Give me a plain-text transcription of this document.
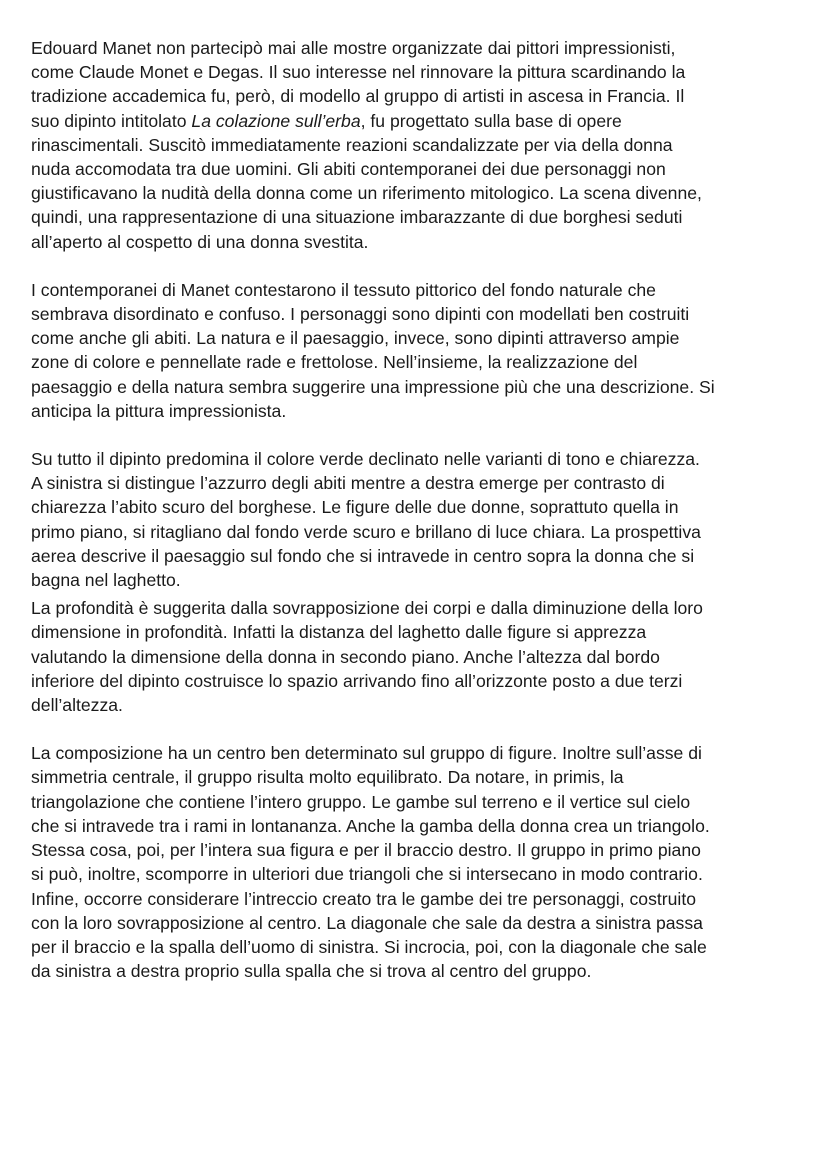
Edouard Manet non partecipò mai alle mostre organizzate dai pittori impressionisti,
come Claude Monet e Degas. Il suo interesse nel rinnovare la pittura scardinando la
tradizione accademica fu, però, di modello al gruppo di artisti in ascesa in Francia. Il
suo dipinto intitolato La colazione sull’erba, fu progettato sulla base di opere
rinascimentali. Suscitò immediatamente reazioni scandalizzate per via della donna
nuda accomodata tra due uomini. Gli abiti contemporanei dei due personaggi non
giustificavano la nudità della donna come un riferimento mitologico. La scena divenne,
quindi, una rappresentazione di una situazione imbarazzante di due borghesi seduti
all’aperto al cospetto di una donna svestita.

I contemporanei di Manet contestarono il tessuto pittorico del fondo naturale che
sembrava disordinato e confuso. I personaggi sono dipinti con modellati ben costruiti
come anche gli abiti. La natura e il paesaggio, invece, sono dipinti attraverso ampie
zone di colore e pennellate rade e frettolose. Nell’insieme, la realizzazione del
paesaggio e della natura sembra suggerire una impressione più che una descrizione. Si
anticipa la pittura impressionista.

Su tutto il dipinto predomina il colore verde declinato nelle varianti di tono e chiarezza.
A sinistra si distingue l’azzurro degli abiti mentre a destra emerge per contrasto di
chiarezza l’abito scuro del borghese. Le figure delle due donne, soprattuto quella in
primo piano, si ritagliano dal fondo verde scuro e brillano di luce chiara. La prospettiva
aerea descrive il paesaggio sul fondo che si intravede in centro sopra la donna che si
bagna nel laghetto.

La profondità è suggerita dalla sovrapposizione dei corpi e dalla diminuzione della loro
dimensione in profondità. Infatti la distanza del laghetto dalle figure si apprezza
valutando la dimensione della donna in secondo piano. Anche l’altezza dal bordo
inferiore del dipinto costruisce lo spazio arrivando fino all’orizzonte posto a due terzi
dell’altezza.

La composizione ha un centro ben determinato sul gruppo di figure. Inoltre sull’asse di
simmetria centrale, il gruppo risulta molto equilibrato. Da notare, in primis, la
triangolazione che contiene l’intero gruppo. Le gambe sul terreno e il vertice sul cielo
che si intravede tra i rami in lontananza. Anche la gamba della donna crea un triangolo.
Stessa cosa, poi, per l’intera sua figura e per il braccio destro. Il gruppo in primo piano
si può, inoltre, scomporre in ulteriori due triangoli che si intersecano in modo contrario.
Infine, occorre considerare l’intreccio creato tra le gambe dei tre personaggi, costruito
con la loro sovrapposizione al centro. La diagonale che sale da destra a sinistra passa
per il braccio e la spalla dell’uomo di sinistra. Si incrocia, poi, con la diagonale che sale
da sinistra a destra proprio sulla spalla che si trova al centro del gruppo.
